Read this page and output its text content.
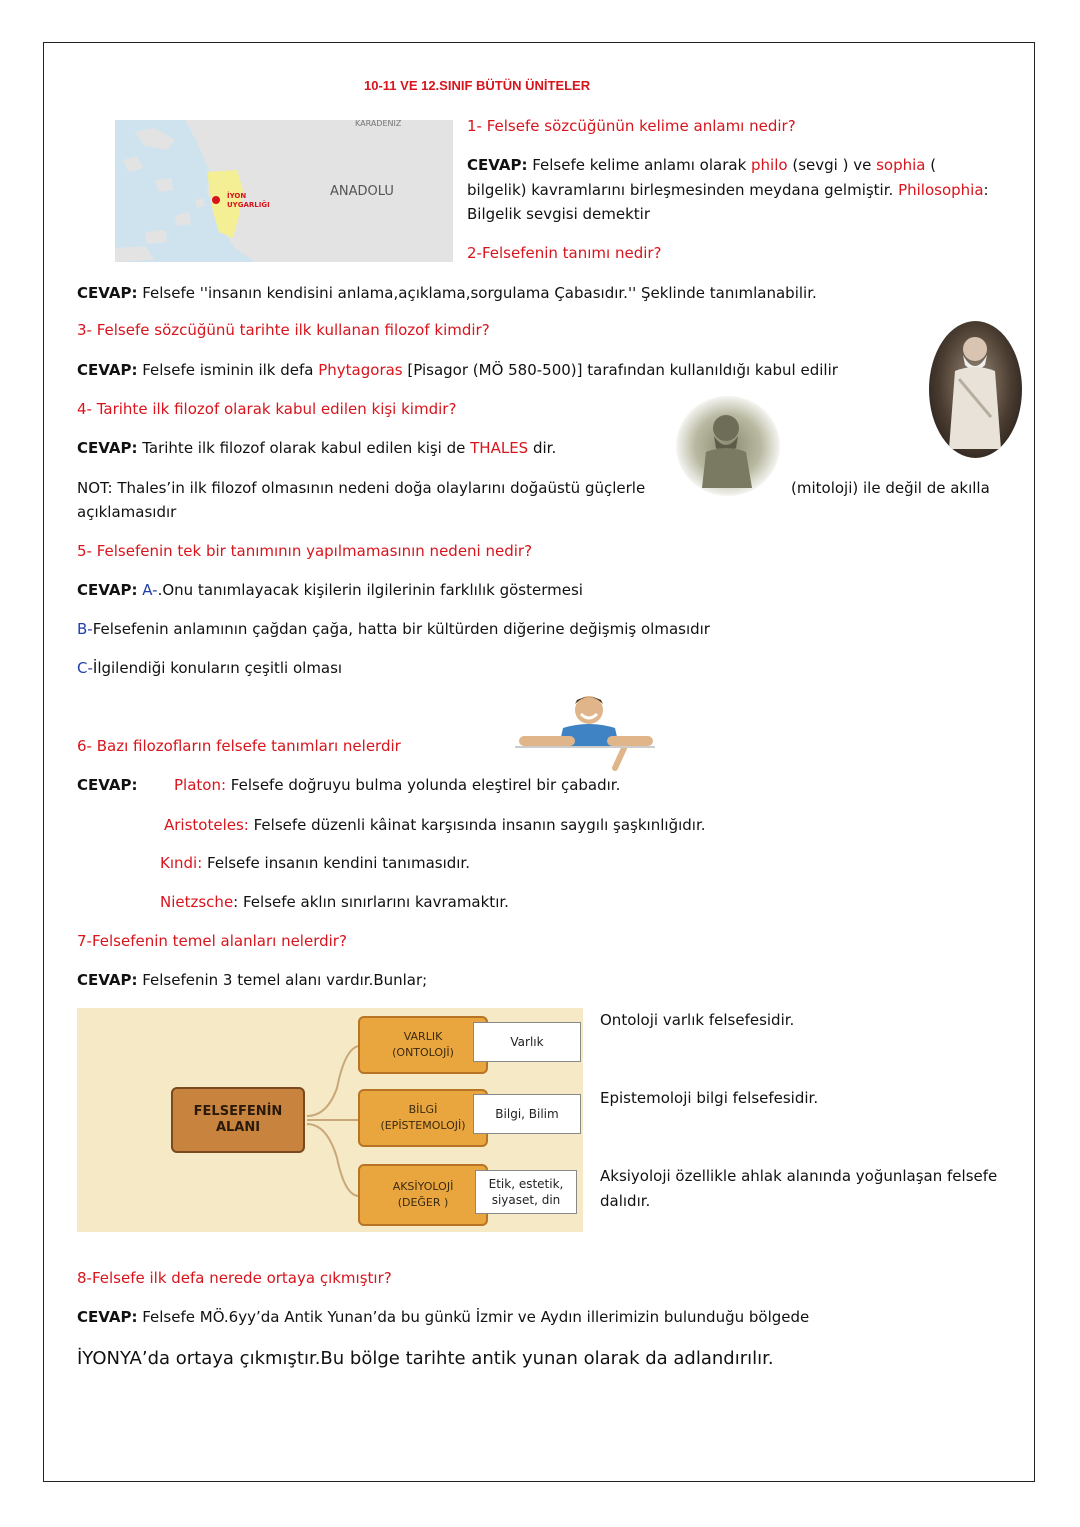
10-11 VE 12.SINIF BÜTÜN ÜNİTELER
İYON
UYGARLIĞI
ANADOLU
KARADENİZ	1- Felsefe sözcüğünün kelime anlamı nedir?
CEVAP: Felsefe kelime anlamı olarak philo (sevgi ) ve sophia (
bilgelik) kavramlarını birleşmesinden meydana gelmiştir. Philosophia:
Bilgelik sevgisi demektir
2-Felsefenin tanımı nedir?
CEVAP: Felsefe ''insanın kendisini anlama,açıklama,sorgulama Çabasıdır.'' Şeklinde tanımlanabilir.
3- Felsefe sözcüğünü tarihte ilk kullanan filozof kimdir?
CEVAP: Felsefe isminin ilk defa Phytagoras [Pisagor (MÖ 580-500)] tarafından kullanıldığı kabul edilir
4- Tarihte ilk filozof olarak kabul edilen kişi kimdir?
CEVAP: Tarihte ilk filozof olarak kabul edilen kişi de THALES dir.
NOT: Thales’in ilk filozof olmasının nedeni doğa olaylarını doğaüstü güçlerle	(mitoloji) ile değil de akılla
açıklamasıdır
5- Felsefenin tek bir tanımının yapılmamasının nedeni nedir?
CEVAP: A-.Onu tanımlayacak kişilerin ilgilerinin farklılık göstermesi
B-Felsefenin anlamının çağdan çağa, hatta bir kültürden diğerine değişmiş olmasıdır
C-İlgilendiği konuların çeşitli olması
6- Bazı filozofların felsefe tanımları nelerdir
CEVAP: Platon: Felsefe doğruyu bulma yolunda eleştirel bir çabadır.
Aristoteles: Felsefe düzenli kâinat karşısında insanın saygılı şaşkınlığıdır.
Kındi: Felsefe insanın kendini tanımasıdır.
Nietzsche: Felsefe aklın sınırlarını kavramaktır.
7-Felsefenin temel alanları nelerdir?
CEVAP: Felsefenin 3 temel alanı vardır.Bunlar;
FELSEFENİN
ALANI
VARLIK
(ONTOLOJİ)
BİLGİ
(EPİSTEMOLOJİ)
AKSİYOLOJİ
(DEĞER )
Varlık
Bilgi, Bilim
Etik, estetik,
siyaset, din
Ontoloji varlık felsefesidir.
Epistemoloji bilgi felsefesidir.
Aksiyoloji özellikle ahlak alanında yoğunlaşan felsefe
dalıdır.
8-Felsefe ilk defa nerede ortaya çıkmıştır?
CEVAP: Felsefe MÖ.6yy’da Antik Yunan’da bu günkü İzmir ve Aydın illerimizin bulunduğu bölgede
İYONYA’da ortaya çıkmıştır.Bu bölge tarihte antik yunan olarak da adlandırılır.
